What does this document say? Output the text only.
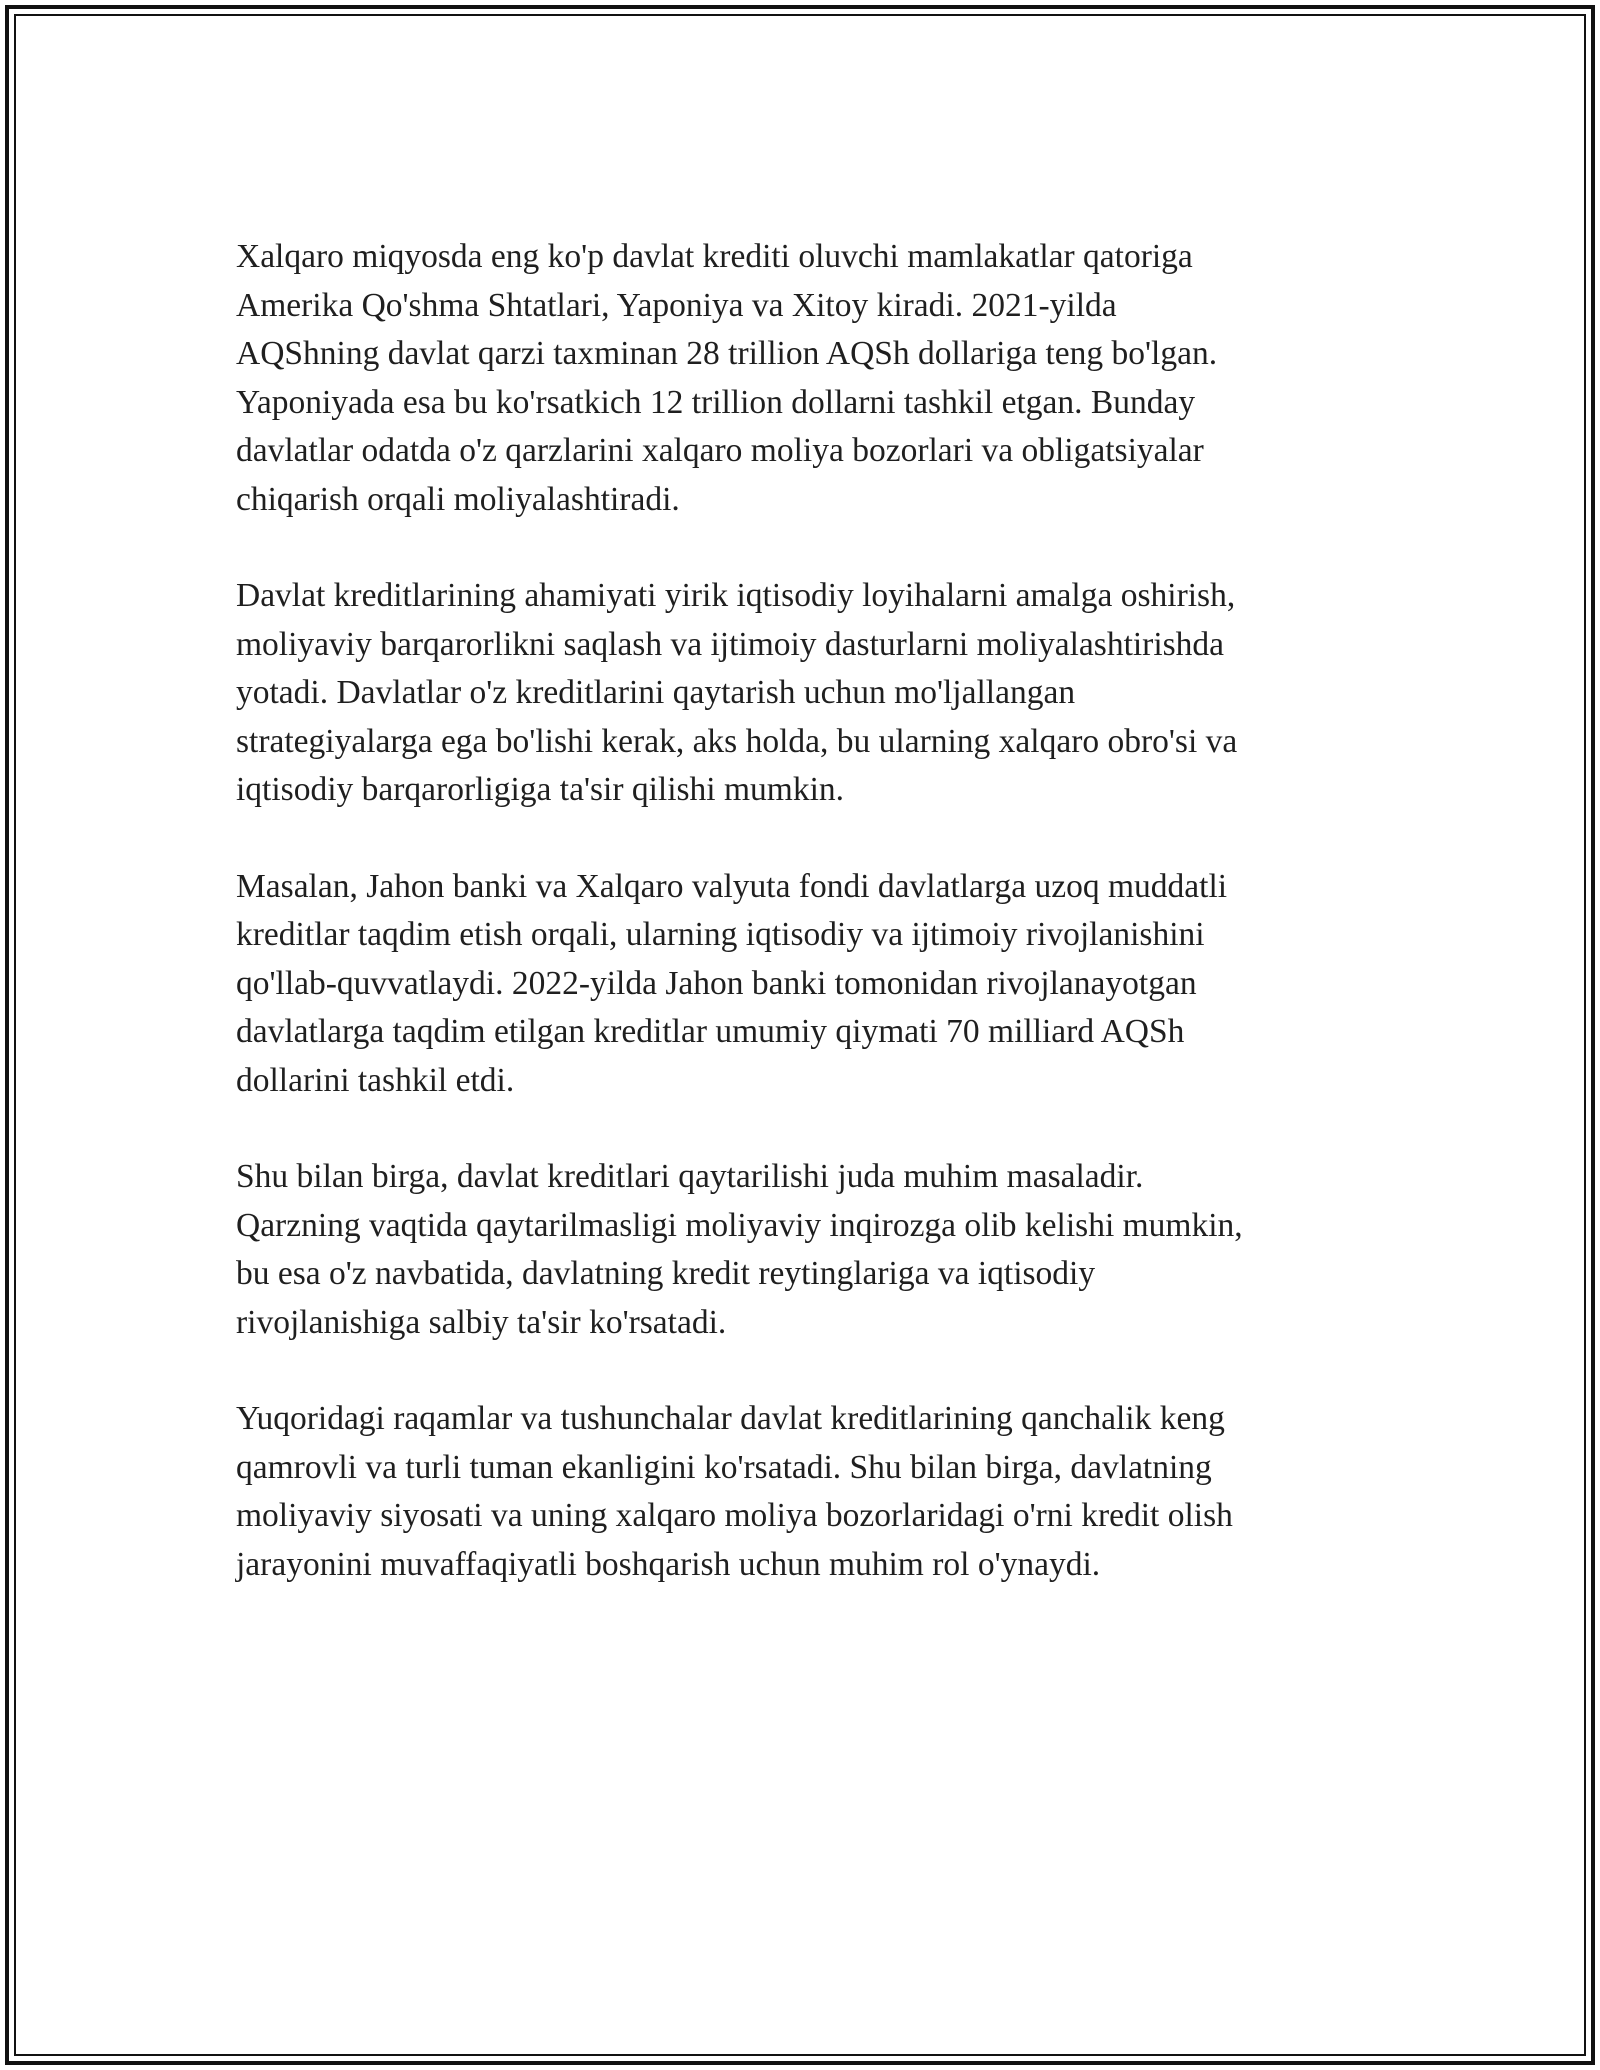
Xalqaro miqyosda eng ko'p davlat krediti oluvchi mamlakatlar qatoriga
Amerika Qo'shma Shtatlari, Yaponiya va Xitoy kiradi. 2021-yilda
AQShning davlat qarzi taxminan 28 trillion AQSh dollariga teng bo'lgan.
Yaponiyada esa bu ko'rsatkich 12 trillion dollarni tashkil etgan. Bunday
davlatlar odatda o'z qarzlarini xalqaro moliya bozorlari va obligatsiyalar
chiqarish orqali moliyalashtiradi.

Davlat kreditlarining ahamiyati yirik iqtisodiy loyihalarni amalga oshirish,
moliyaviy barqarorlikni saqlash va ijtimoiy dasturlarni moliyalashtirishda
yotadi. Davlatlar o'z kreditlarini qaytarish uchun mo'ljallangan
strategiyalarga ega bo'lishi kerak, aks holda, bu ularning xalqaro obro'si va
iqtisodiy barqarorligiga ta'sir qilishi mumkin.

Masalan, Jahon banki va Xalqaro valyuta fondi davlatlarga uzoq muddatli
kreditlar taqdim etish orqali, ularning iqtisodiy va ijtimoiy rivojlanishini
qo'llab-quvvatlaydi. 2022-yilda Jahon banki tomonidan rivojlanayotgan
davlatlarga taqdim etilgan kreditlar umumiy qiymati 70 milliard AQSh
dollarini tashkil etdi.

Shu bilan birga, davlat kreditlari qaytarilishi juda muhim masaladir.
Qarzning vaqtida qaytarilmasligi moliyaviy inqirozga olib kelishi mumkin,
bu esa o'z navbatida, davlatning kredit reytinglariga va iqtisodiy
rivojlanishiga salbiy ta'sir ko'rsatadi.

Yuqoridagi raqamlar va tushunchalar davlat kreditlarining qanchalik keng
qamrovli va turli tuman ekanligini ko'rsatadi. Shu bilan birga, davlatning
moliyaviy siyosati va uning xalqaro moliya bozorlaridagi o'rni kredit olish
jarayonini muvaffaqiyatli boshqarish uchun muhim rol o'ynaydi.
